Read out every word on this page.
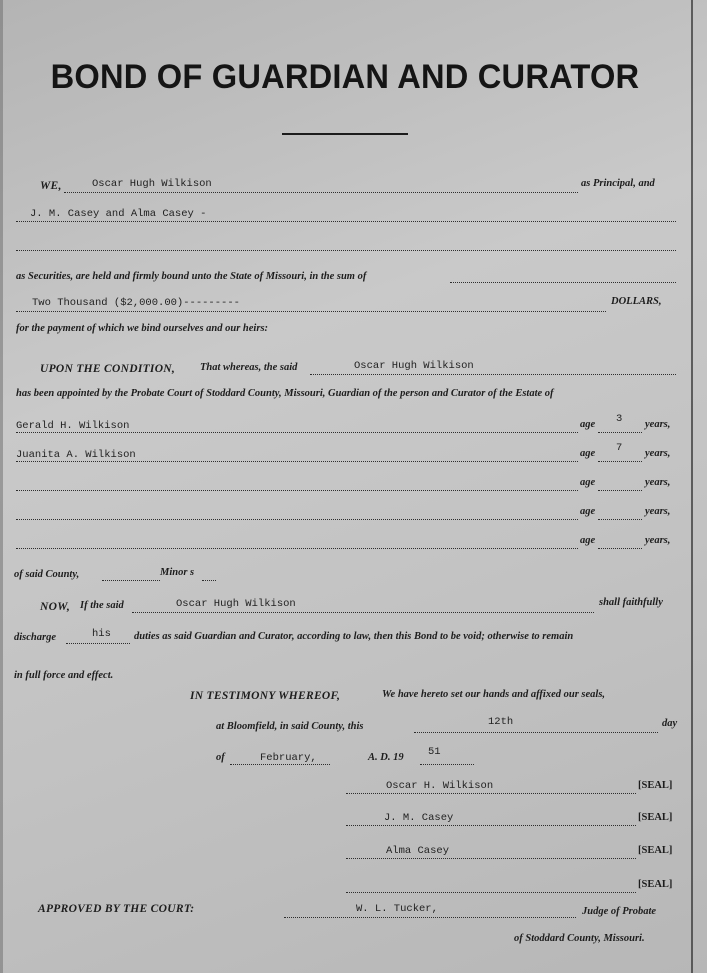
BOND OF GUARDIAN AND CURATOR
WE,	Oscar Hugh Wilkison	as Principal, and
J. M. Casey and Alma Casey -
as Securities, are held and firmly bound unto the State of Missouri, in the sum of
Two Thousand ($2,000.00)---------	DOLLARS,
for the payment of which we bind ourselves and our heirs:
UPON THE CONDITION, That whereas, the said	Oscar Hugh Wilkison
has been appointed by the Probate Court of Stoddard County, Missouri, Guardian of the person and Curator of the Estate of
Gerald H. Wilkison	age 3 years,
Juanita A. Wilkison	age 7 years,
age	years,
age	years,
age	years,
of said County,	Minor s
NOW, If the said	Oscar Hugh Wilkison	shall faithfully
discharge	his duties as said Guardian and Curator, according to law, then this Bond to be void; otherwise to remain
in full force and effect.
IN TESTIMONY WHEREOF,	We have hereto set our hands and affixed our seals,
at Bloomfield, in said County, this	12th	day
of	February,	A. D. 19 51
Oscar H. Wilkison	[SEAL]
J. M. Casey	[SEAL]
Alma Casey	[SEAL]
[SEAL]
APPROVED BY THE COURT:	W. L. Tucker,	Judge of Probate
of Stoddard County, Missouri.
